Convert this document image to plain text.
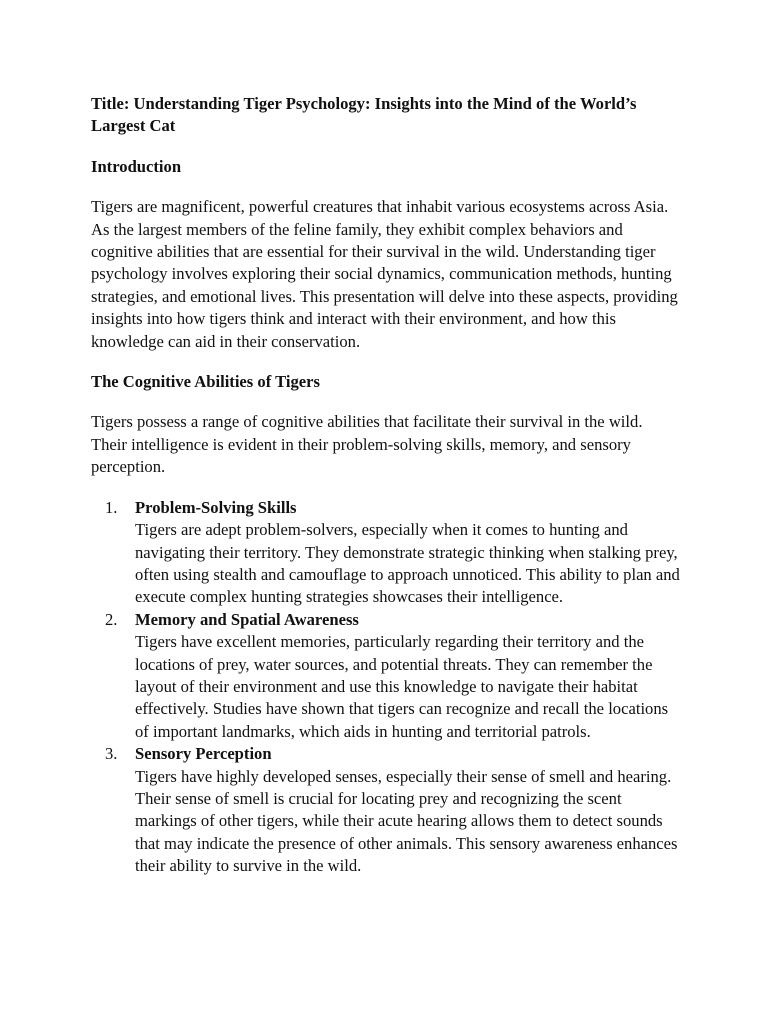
Title: Understanding Tiger Psychology: Insights into the Mind of the World’s Largest Cat

Introduction

Tigers are magnificent, powerful creatures that inhabit various ecosystems across Asia. As the largest members of the feline family, they exhibit complex behaviors and cognitive abilities that are essential for their survival in the wild. Understanding tiger psychology involves exploring their social dynamics, communication methods, hunting strategies, and emotional lives. This presentation will delve into these aspects, providing insights into how tigers think and interact with their environment, and how this knowledge can aid in their conservation.

The Cognitive Abilities of Tigers

Tigers possess a range of cognitive abilities that facilitate their survival in the wild. Their intelligence is evident in their problem-solving skills, memory, and sensory perception.

1. Problem-Solving Skills
Tigers are adept problem-solvers, especially when it comes to hunting and navigating their territory. They demonstrate strategic thinking when stalking prey, often using stealth and camouflage to approach unnoticed. This ability to plan and execute complex hunting strategies showcases their intelligence.
2. Memory and Spatial Awareness
Tigers have excellent memories, particularly regarding their territory and the locations of prey, water sources, and potential threats. They can remember the layout of their environment and use this knowledge to navigate their habitat effectively. Studies have shown that tigers can recognize and recall the locations of important landmarks, which aids in hunting and territorial patrols.
3. Sensory Perception
Tigers have highly developed senses, especially their sense of smell and hearing. Their sense of smell is crucial for locating prey and recognizing the scent markings of other tigers, while their acute hearing allows them to detect sounds that may indicate the presence of other animals. This sensory awareness enhances their ability to survive in the wild.
